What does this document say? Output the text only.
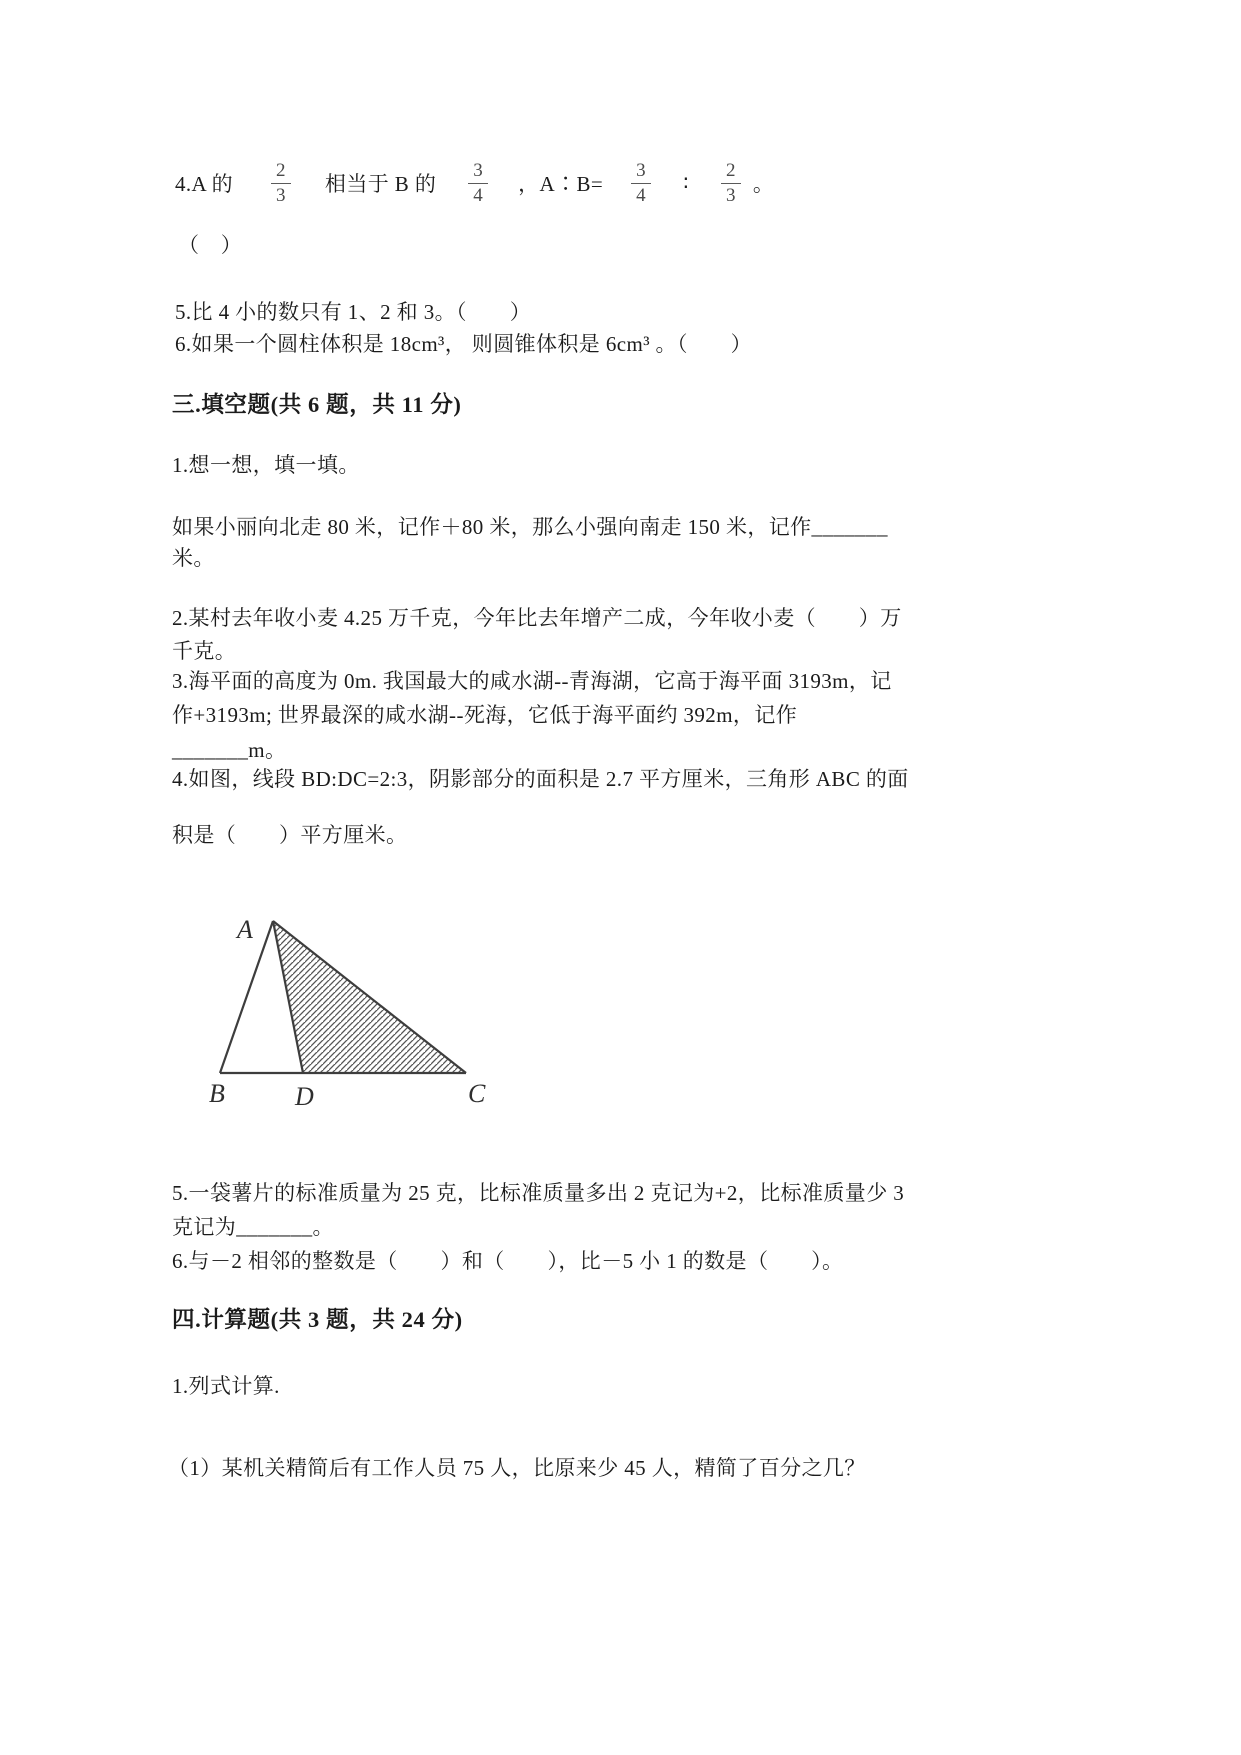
4.A 的 $\frac{2}{3}$ 相当于 B 的 $\frac{3}{4}$ ，A∶B= $\frac{3}{4}$ ∶ $\frac{2}{3}$ 。
（　）
5.比 4 小的数只有 1、2 和 3。（　　）
6.如果一个圆柱体积是 18cm³， 则圆锥体积是 6cm³ 。（　　）
三.填空题(共 6 题，共 11 分)
1.想一想，填一填。
如果小丽向北走 80 米，记作＋80 米，那么小强向南走 150 米，记作_______
米。
2.某村去年收小麦 4.25 万千克，今年比去年增产二成，今年收小麦（　　）万
千克。
3.海平面的高度为 0m. 我国最大的咸水湖--青海湖，它高于海平面 3193m，记
作+3193m; 世界最深的咸水湖--死海，它低于海平面约 392m，记作
_______m。
4.如图，线段 BD:DC=2:3，阴影部分的面积是 2.7 平方厘米，三角形 ABC 的面
积是（　　）平方厘米。
A
B	D	C
5.一袋薯片的标准质量为 25 克，比标准质量多出 2 克记为+2，比标准质量少 3
克记为_______。
6.与－2 相邻的整数是（　　）和（　　），比－5 小 1 的数是（　　）。
四.计算题(共 3 题，共 24 分)
1.列式计算.
（1）某机关精简后有工作人员 75 人，比原来少 45 人，精简了百分之几？
